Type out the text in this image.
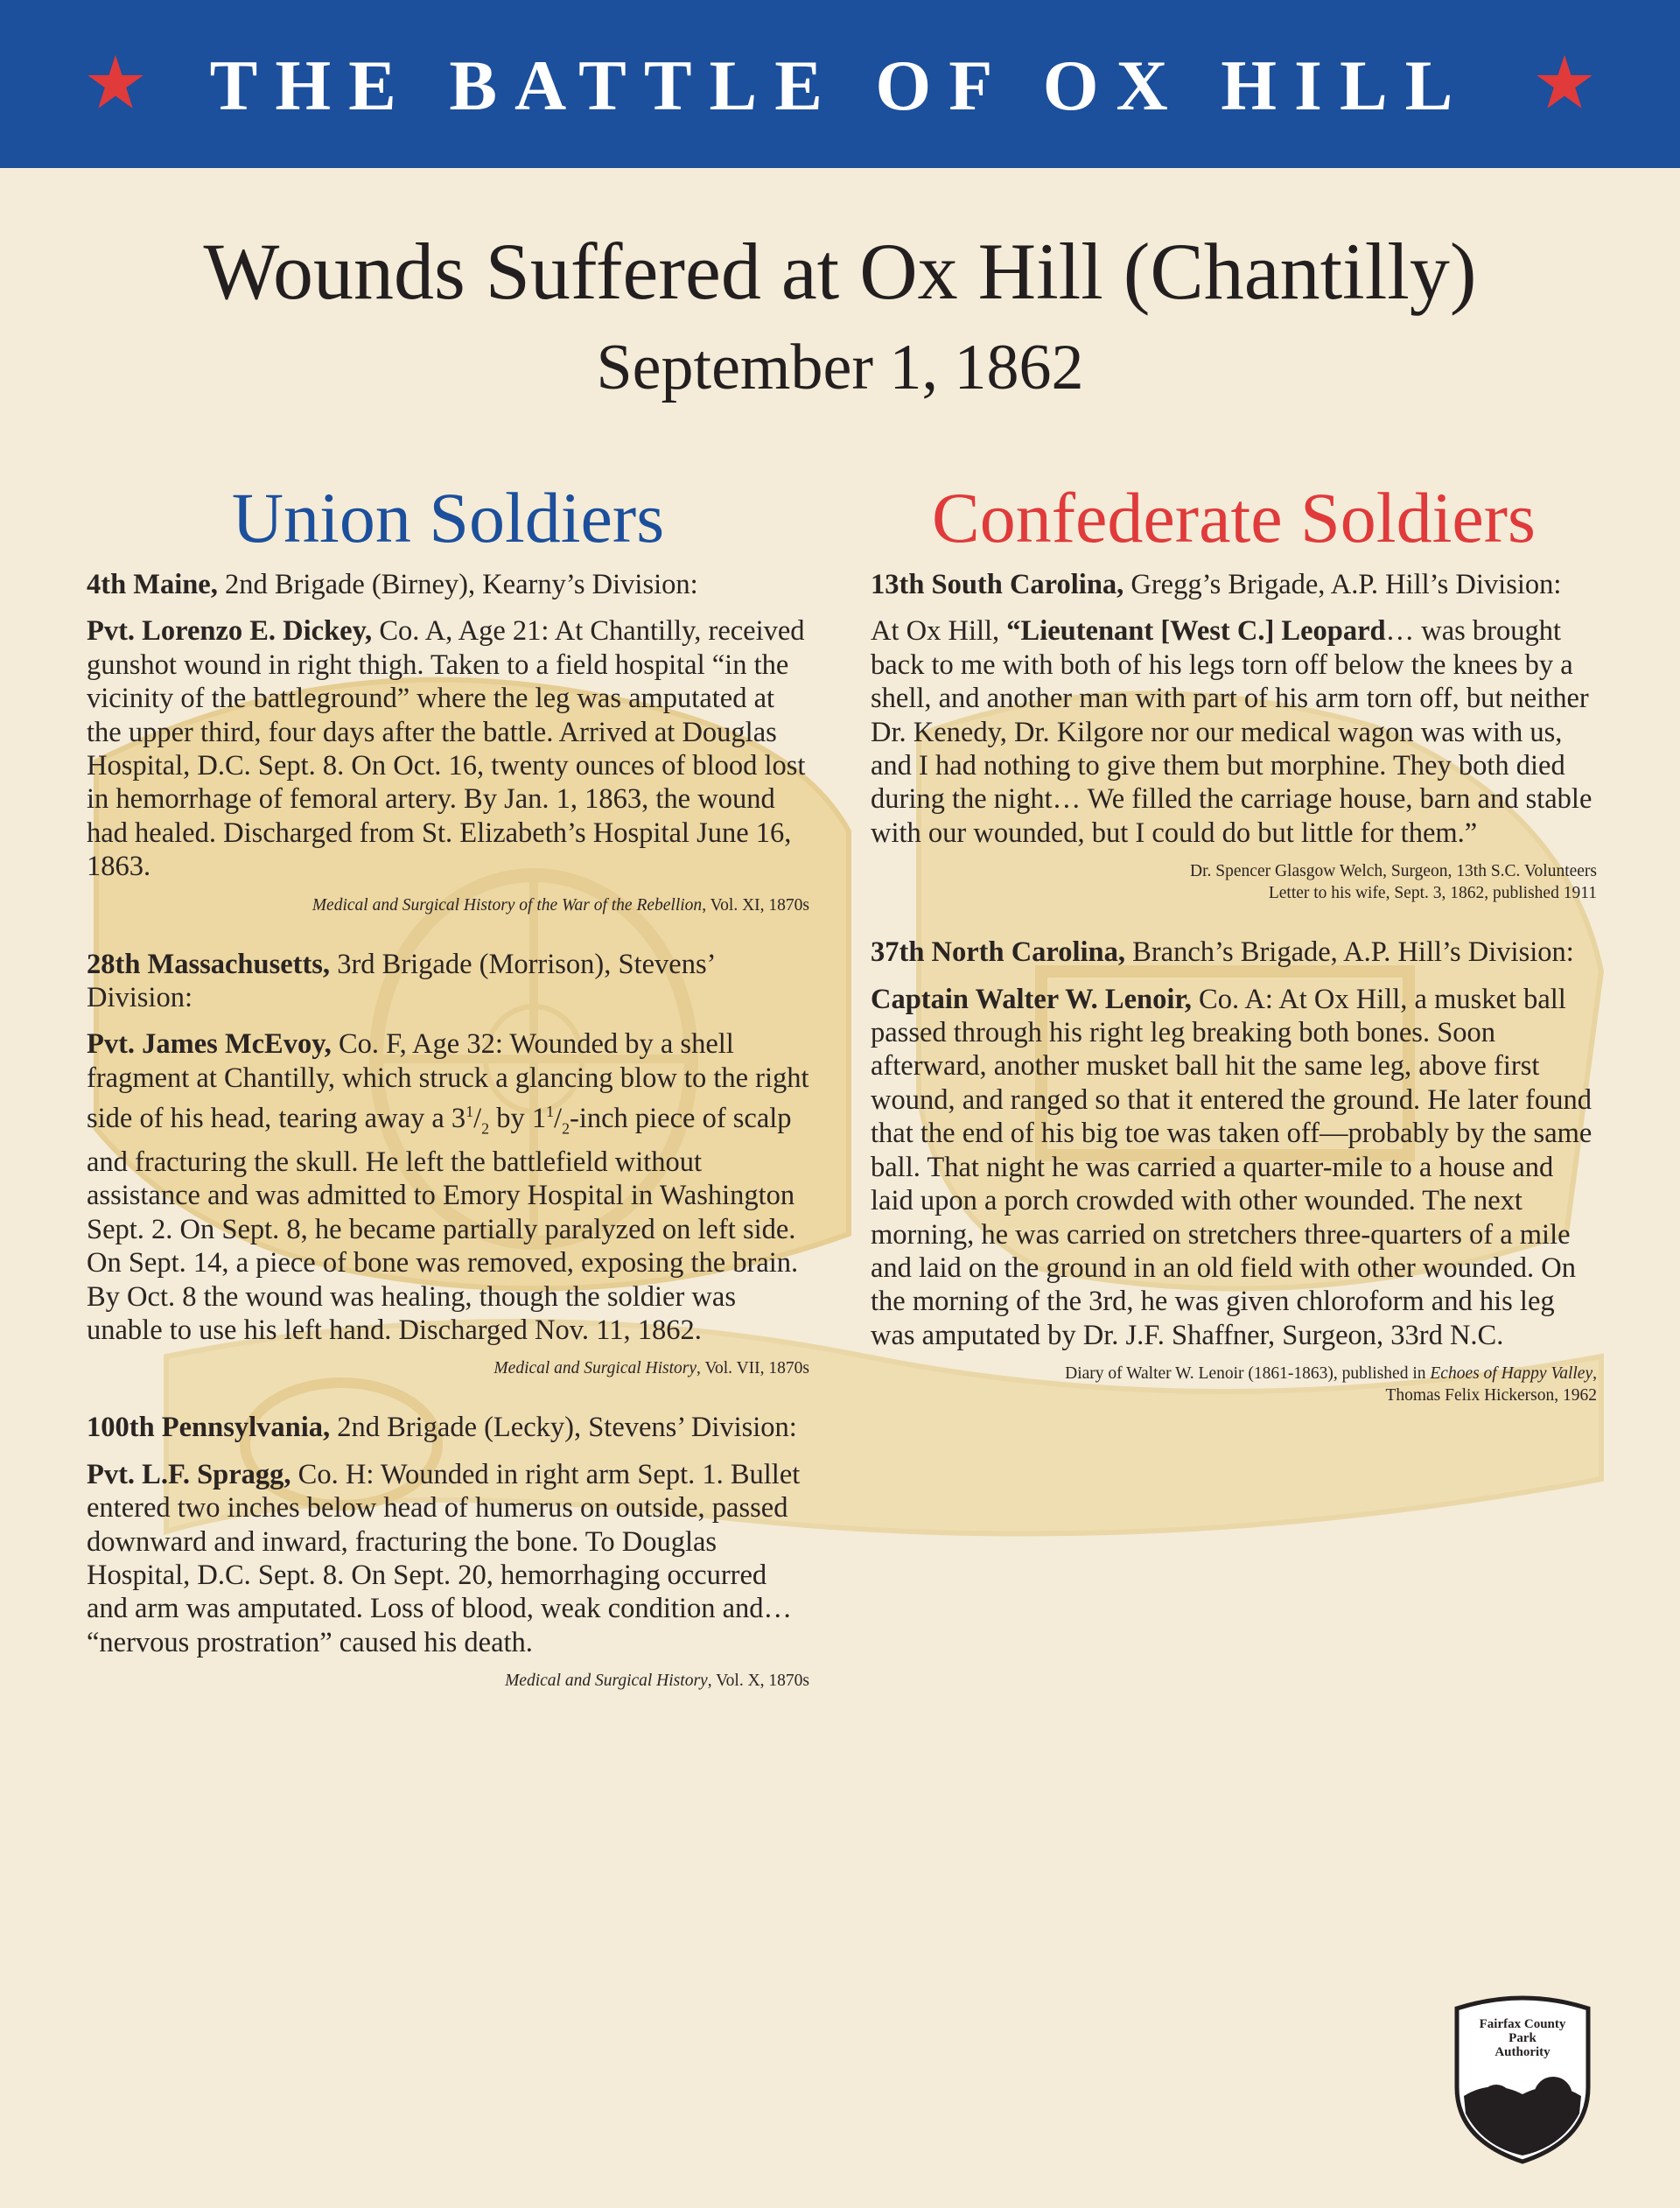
THE BATTLE OF OX HILL
Wounds Suffered at Ox Hill (Chantilly)
September 1, 1862
Union Soldiers

4th Maine, 2nd Brigade (Birney), Kearny’s Division:

Pvt. Lorenzo E. Dickey, Co. A, Age 21: At Chantilly, received gunshot wound in right thigh. Taken to a field hospital “in the vicinity of the battleground” where the leg was amputated at the upper third, four days after the battle. Arrived at Douglas Hospital, D.C. Sept. 8. On Oct. 16, twenty ounces of blood lost in hemorrhage of femoral artery. By Jan. 1, 1863, the wound had healed. Discharged from St. Elizabeth’s Hospital June 16, 1863.

Medical and Surgical History of the War of the Rebellion, Vol. XI, 1870s

28th Massachusetts, 3rd Brigade (Morrison), Stevens’ Division:

Pvt. James McEvoy, Co. F, Age 32: Wounded by a shell fragment at Chantilly, which struck a glancing blow to the right side of his head, tearing away a $3^1/_2$ by $1^1/_2$-inch piece of scalp and fracturing the skull. He left the battlefield without assistance and was admitted to Emory Hospital in Washington Sept. 2. On Sept. 8, he became partially paralyzed on left side. On Sept. 14, a piece of bone was removed, exposing the brain. By Oct. 8 the wound was healing, though the soldier was unable to use his left hand. Discharged Nov. 11, 1862.

Medical and Surgical History, Vol. VII, 1870s

100th Pennsylvania, 2nd Brigade (Lecky), Stevens’ Division:

Pvt. L.F. Spragg, Co. H: Wounded in right arm Sept. 1. Bullet entered two inches below head of humerus on outside, passed downward and inward, fracturing the bone. To Douglas Hospital, D.C. Sept. 8. On Sept. 20, hemorrhaging occurred and arm was amputated. Loss of blood, weak condition and… “nervous prostration” caused his death.

Medical and Surgical History, Vol. X, 1870s
Confederate Soldiers

13th South Carolina, Gregg’s Brigade, A.P. Hill’s Division:

At Ox Hill, “Lieutenant [West C.] Leopard… was brought back to me with both of his legs torn off below the knees by a shell, and another man with part of his arm torn off, but neither Dr. Kenedy, Dr. Kilgore nor our medical wagon was with us, and I had nothing to give them but morphine. They both died during the night… We filled the carriage house, barn and stable with our wounded, but I could do but little for them.”

Dr. Spencer Glasgow Welch, Surgeon, 13th S.C. Volunteers
Letter to his wife, Sept. 3, 1862, published 1911

37th North Carolina, Branch’s Brigade, A.P. Hill’s Division:

Captain Walter W. Lenoir, Co. A: At Ox Hill, a musket ball passed through his right leg breaking both bones. Soon afterward, another musket ball hit the same leg, above first wound, and ranged so that it entered the ground. He later found that the end of his big toe was taken off—probably by the same ball. That night he was carried a quarter-mile to a house and laid upon a porch crowded with other wounded. The next morning, he was carried on stretchers three-quarters of a mile and laid on the ground in an old field with other wounded. On the morning of the 3rd, he was given chloroform and his leg was amputated by Dr. J.F. Shaffner, Surgeon, 33rd N.C.

Diary of Walter W. Lenoir (1861-1863), published in Echoes of Happy Valley,
Thomas Felix Hickerson, 1962
Fairfax County
Park
Authority
